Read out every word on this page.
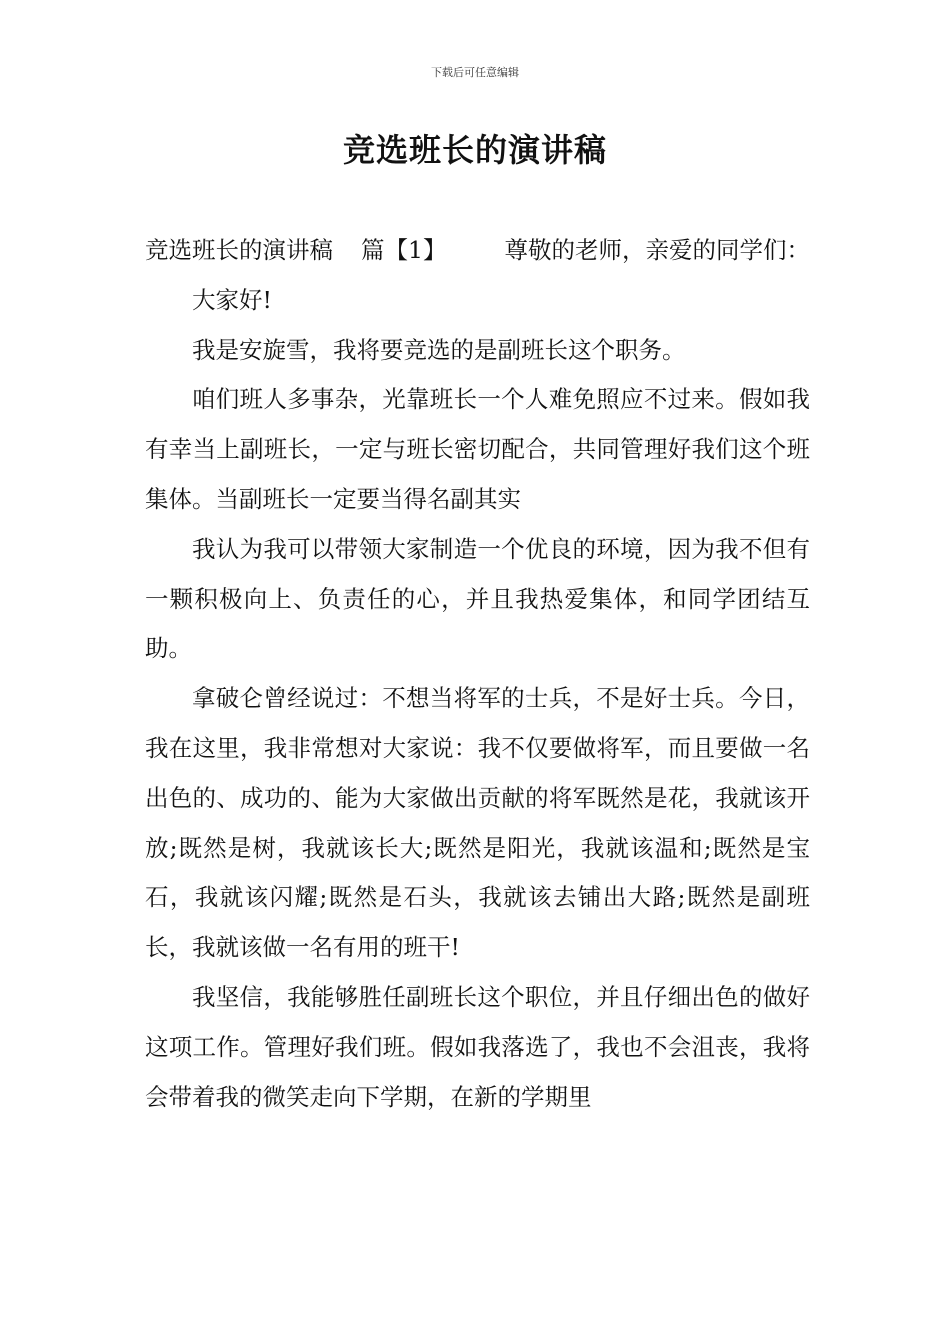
下载后可任意编辑
竞选班长的演讲稿

竞选班长的演讲稿 篇【1】 尊敬的老师，亲爱的同学们：

大家好!

我是安旋雪，我将要竞选的是副班长这个职务。

咱们班人多事杂，光靠班长一个人难免照应不过来。假如我有幸当上副班长，一定与班长密切配合，共同管理好我们这个班集体。当副班长一定要当得名副其实

我认为我可以带领大家制造一个优良的环境，因为我不但有一颗积极向上、负责任的心，并且我热爱集体，和同学团结互助。

拿破仑曾经说过：不想当将军的士兵，不是好士兵。今日，我在这里，我非常想对大家说：我不仅要做将军，而且要做一名出色的、成功的、能为大家做出贡献的将军既然是花，我就该开放;既然是树，我就该长大;既然是阳光，我就该温和;既然是宝石，我就该闪耀;既然是石头，我就该去铺出大路;既然是副班长，我就该做一名有用的班干!

我坚信，我能够胜任副班长这个职位，并且仔细出色的做好这项工作。管理好我们班。假如我落选了，我也不会沮丧，我将会带着我的微笑走向下学期，在新的学期里
